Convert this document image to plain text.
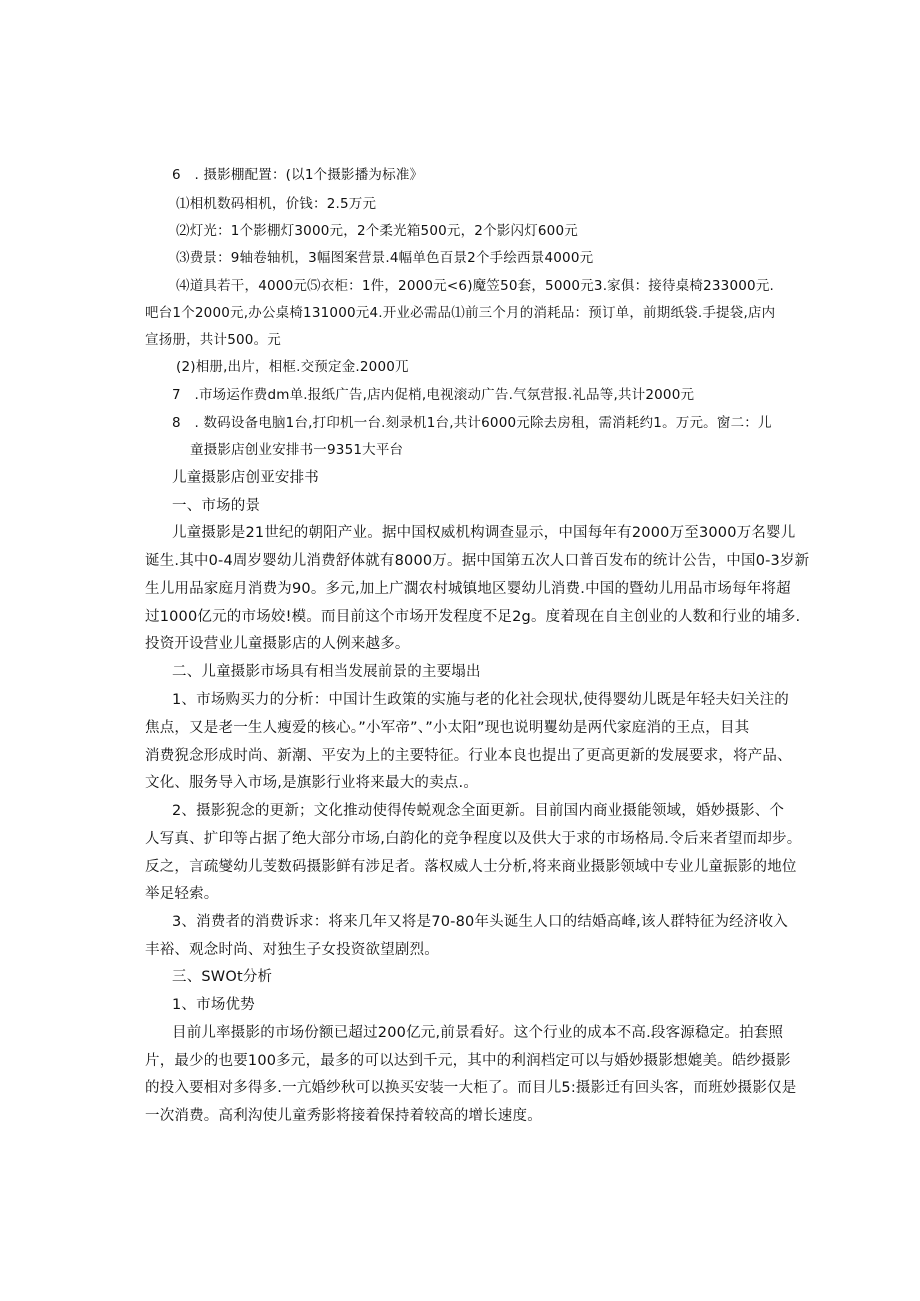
6　. 摄影棚配置：(以1个摄影播为标准》
⑴相机数码相机，价钱：2.5万元
⑵灯光：1个影棚灯3000元，2个柔光箱500元，2个影闪灯600元
⑶费景：9轴卷轴机，3幅图案营景.4幅单色百景2个手绘西景4000元
⑷道具若干，4000元⑸衣柜：1件，2000元<6)魔笠50套，5000元3.家俱：接待桌椅233000元.
吧台1个2000元,办公桌椅131000元4.开业必需品⑴前三个月的消耗品：预订单，前期纸袋.手提袋,店内
宣扬册，共计500。元
(2)相册,出片，相框.交预定金.2000兀
7　.市场运作费dm单.报纸广告,店内促梢,电视滚动广告.气氛营报.礼品等,共计2000元
8　. 数码设备电脑1台,打印机一台.刻录机1台,共计6000元除去房租，需消耗约1。万元。窗二：儿
童摄影店创业安排书一9351大平台
儿童摄影店创亚安排书
一、市场的景
儿童摄影是21世纪的朝阳产业。据中国权威机构调查显示，中国每年有2000万至3000万名婴儿
诞生.其中0-4周岁婴幼儿消费舒体就有8000万。据中国第五次人口普百发布的统计公告，中国0-3岁新
生儿用品家庭月消费为90。多元,加上广濶农村城镇地区婴幼儿消费.中国的暨幼儿用品市场每年将超
过1000亿元的市场姣!模。而目前这个市场开发程度不足2g。度着现在自主创业的人数和行业的埔多.
投资开设营业儿童摄影店的人例来越多。
二、儿童摄影市场具有相当发展前景的主要塌出
1、市场购买力的分析：中国计生政策的实施与老的化社会现状,使得婴幼儿既是年轻夫妇关注的
焦点，又是老一生人瘦爱的核心。”小军帝”、”小太阳”现也说明矍幼是两代家庭消的王点，目其
消费猊念形成时尚、新潮、平安为上的主要特征。行业本良也提出了更高更新的发展要求，将产品、
文化、服务导入市场,是旗影行业将来最大的卖点.。
2、摄影猊念的更新；文化推动使得传蜕观念全面更新。目前国内商业摄能领域，婚妙摄影、个
人写真、扩印等占据了绝大部分市场,白韵化的竞争程度以及供大于求的市场格局.令后来者望而却步。
反之，言疏燮幼儿芰数码摄影鲜有涉足者。落权威人士分析,将来商业摄影领域中专业儿童振影的地位
举足轻索。
3、消费者的消费诉求：将来几年又将是70-80年头诞生人口的结婚高峰,该人群特征为经济收入
丰裕、观念时尚、对独生子女投资欲望剧烈。
三、SWOt分析
1、市场优势
目前儿率摄影的市场份额已超过200亿元,前景看好。这个行业的成本不高.段客源稳定。拍套照
片，最少的也要100多元，最多的可以达到千元，其中的利润档定可以与婚妙摄影想媲美。皓纱摄影
的投入要相对多得多.一亢婚纱秋可以换买安装一大柜了。而目儿5:摄影迁有回头客，而班妙摄影仅是
一次消费。高利沟使儿童秀影将接着保持着较高的增长速度。
